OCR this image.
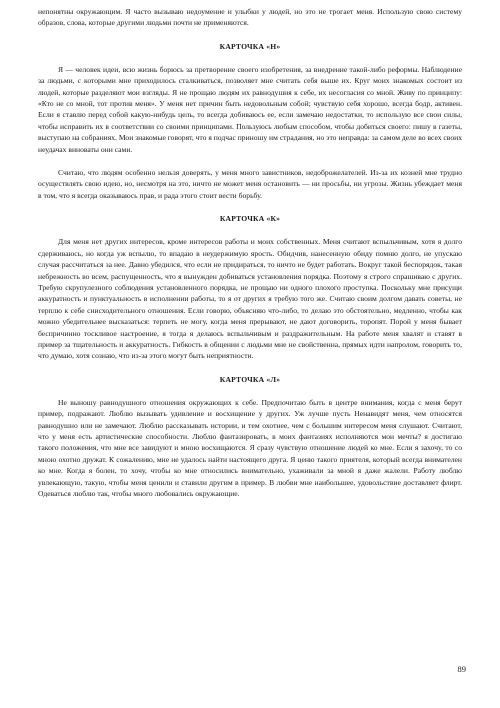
непонятны окружающим. Я часто вызываю недоумение и улыбки у людей, но это не трогает меня. Использую свою систему образов, слова, которые другими людьми почти не применяются.

КАРТОЧКА «Н»

Я — человек идеи, всю жизнь борюсь за претворение своего изобретения, за внедрение такой-либо реформы. Наблюдение за людьми, с которыми мне приходилось сталкиваться, позволяет мне считать себя выше их. Круг моих знакомых состоит из людей, которые разделяют мои взгляды. Я не прощаю людям их равнодушия к себе, их несогласия со мной. Живу по принципу: «Кто не со мной, тот против меня». У меня нет причин быть недовольным собой; чувствую себя хорошо, всегда бодр, активен. Если я ставлю перед собой какую-нибудь цель, то всегда добиваюсь ее, если замечаю недостатки, то использую все свои силы, чтобы исправить их в соответствии со своими принципами. Пользуюсь любым способом, чтобы добиться своего: пишу в газеты, выступаю на собраниях. Мои знакомые говорят, что я подчас приношу им страдания, но это неправда: за самом деле во всех своих неудачах виноваты они сами.

Считаю, что людям особенно нельзя доверять, у меня много завистников, недоброжелателей. Из-за их козней мне трудно осуществлять свою идею, но, несмотря на это, ничто не может меня остановить — ни просьбы, ни угрозы. Жизнь убеждает меня в том, что я всегда оказываюсь прав, и рада этого стоит вести борьбу.

КАРТОЧКА «К»

Для меня нет других интересов, кроме интересов работы и моих собственных. Меня считают вспыльчивым, хотя я долго сдерживаюсь, но когда уж вспылю, то впадаю в неудержимую ярость. Обидчив, нанесенную обиду помню долго, не упускаю случая рассчитаться за нее. Давно убедился, что если не придираться, то ничто не будет работать. Вокруг такой беспорядок, такая небрежность во всем, распущенность, что я вынужден добиваться установления порядка. Поэтому я строго спрашиваю с других. Требую скрупулезного соблюдения установленного порядка, не прощаю ни одного плохого проступка. Поскольку мне присущи аккуратность и пунктуальность в исполнении работы, то я от других я требую того же. Считаю своим долгом давать советы, не терплю к себе снисходительного отношения. Если говорю, объясняю что-либо, то делаю это обстоятельно, медленно, чтобы как можно убедительнее высказаться: терпеть не могу, когда меня прерывают, не дают договорить, торопят. Порой у меня бывает беспричинно тоскливое настроение, я тогда я делаюсь вспыльчивым и раздражительным. На работе меня хвалят и ставят в пример за тщательность и аккуратность. Гибкость в общении с людьми мне не свойственна, прямых идти напролом, говорить то, что думаю, хотя сознаю, что из-за этого могут быть неприятности.

КАРТОЧКА «Л»

Не выношу равнодушного отношения окружающих к себе. Предпочитаю быть в центре внимания, когда с меня берут пример, подражают. Люблю вызывать удивление и восхищение у других. Уж лучше пусть Ненавидят меня, чем относятся равнодушно или не замечают. Люблю рассказывать истории, и тем охотнее, чем с большим интересом меня слушают. Считают, что у меня есть артистические способности. Люблю фантазировать, в моих фантазиях исполняются мои мечты? я достигаю такого положения, что мне все завидуют и мною восхищаются. Я сразу чувствую отношение людей ко мне. Если я захочу, то со мною охотно дружат. К сожалению, мне не удалось найти настоящего друга. Я ценю такого приятеля, который всегда внимателен ко мне. Когда я болен, то хочу, чтобы ко мне относились внимательно, ухаживали за мной я даже жалели. Работу люблю увлекающую, такую, чтобы меня ценили и ставили другим в пример. В любви мне наибольшее, удовольствие доставляет флирт. Одеваться люблю так, чтобы много любовались окружающие.

89
